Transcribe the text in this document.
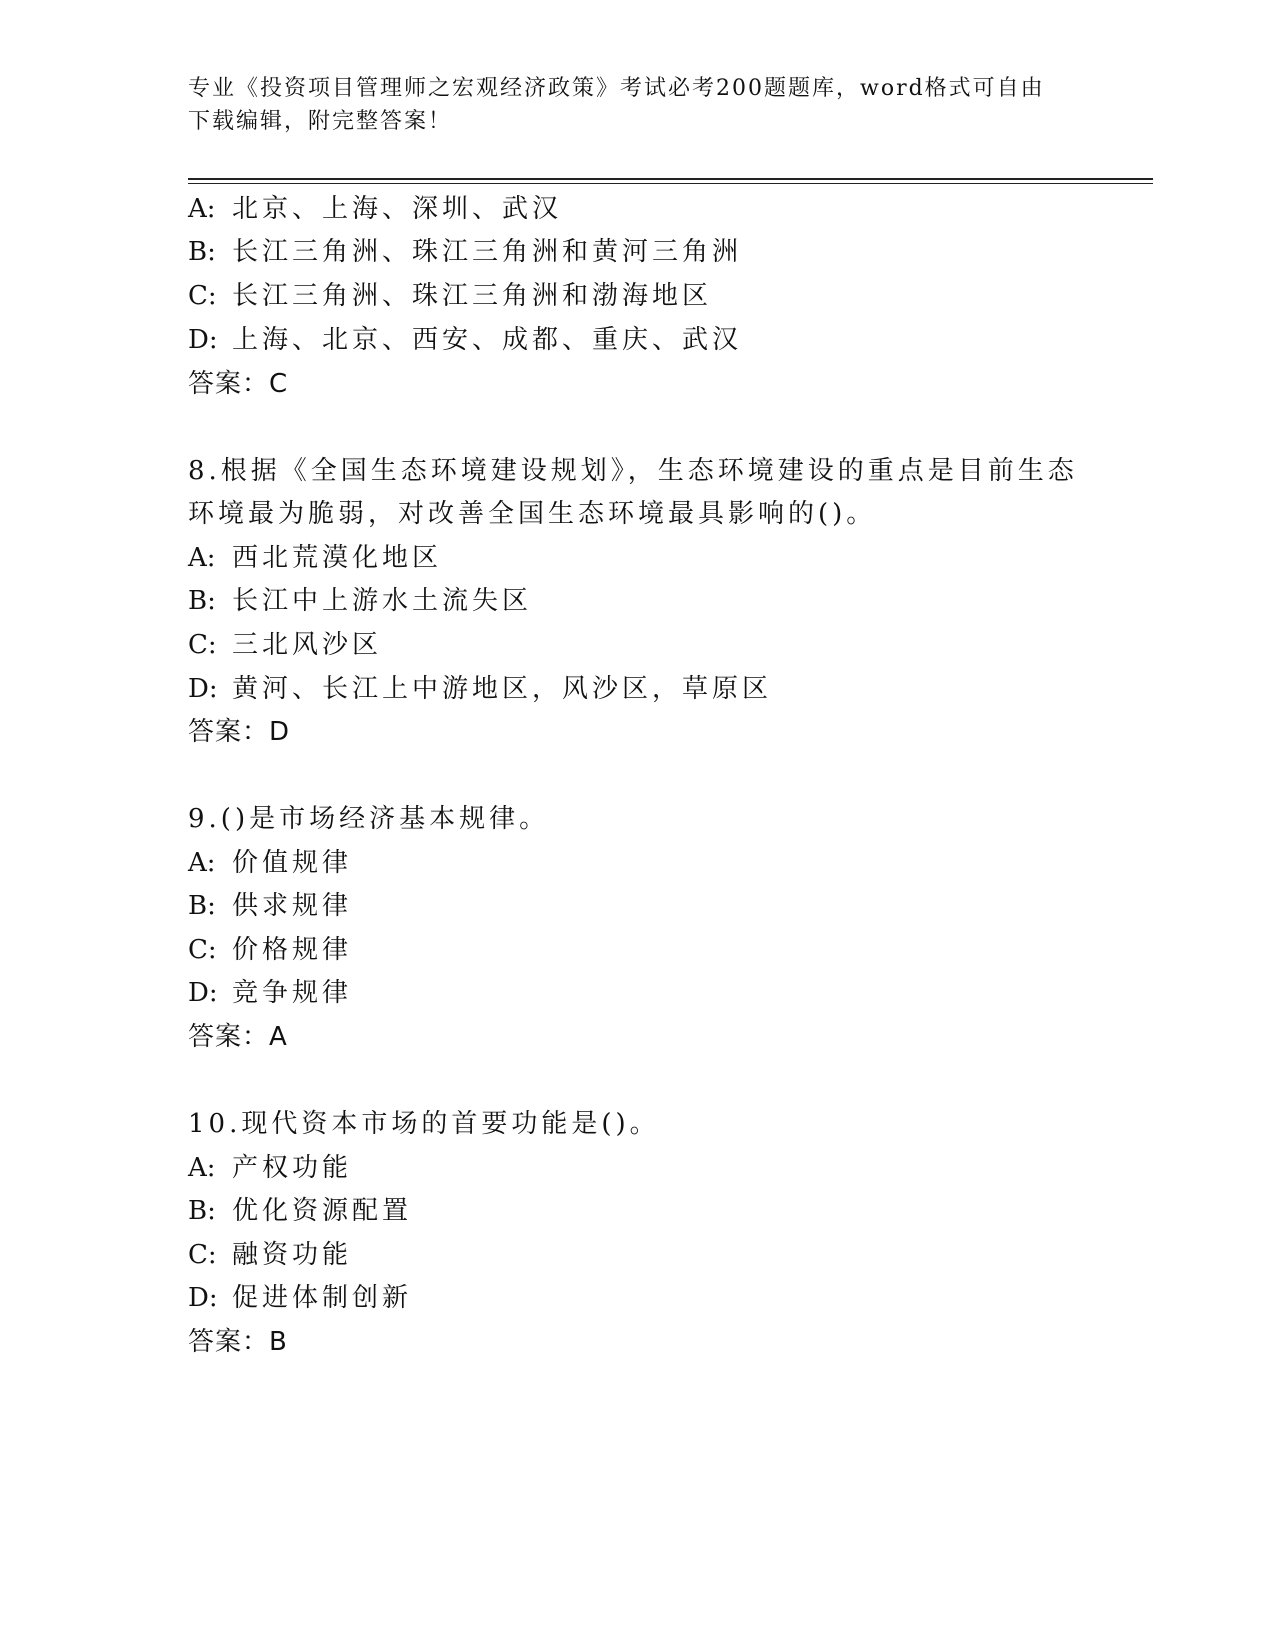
专业《投资项目管理师之宏观经济政策》考试必考200题题库，word格式可自由
下载编辑，附完整答案！
A: 北京、上海、深圳、武汉
B: 长江三角洲、珠江三角洲和黄河三角洲
C: 长江三角洲、珠江三角洲和渤海地区
D: 上海、北京、西安、成都、重庆、武汉
答案：C
8.根据《全国生态环境建设规划》，生态环境建设的重点是目前生态
环境最为脆弱，对改善全国生态环境最具影响的()。
A: 西北荒漠化地区
B: 长江中上游水土流失区
C: 三北风沙区
D: 黄河、长江上中游地区，风沙区，草原区
答案：D
9.()是市场经济基本规律。
A: 价值规律
B: 供求规律
C: 价格规律
D: 竞争规律
答案：A
10.现代资本市场的首要功能是()。
A: 产权功能
B: 优化资源配置
C: 融资功能
D: 促进体制创新
答案：B
